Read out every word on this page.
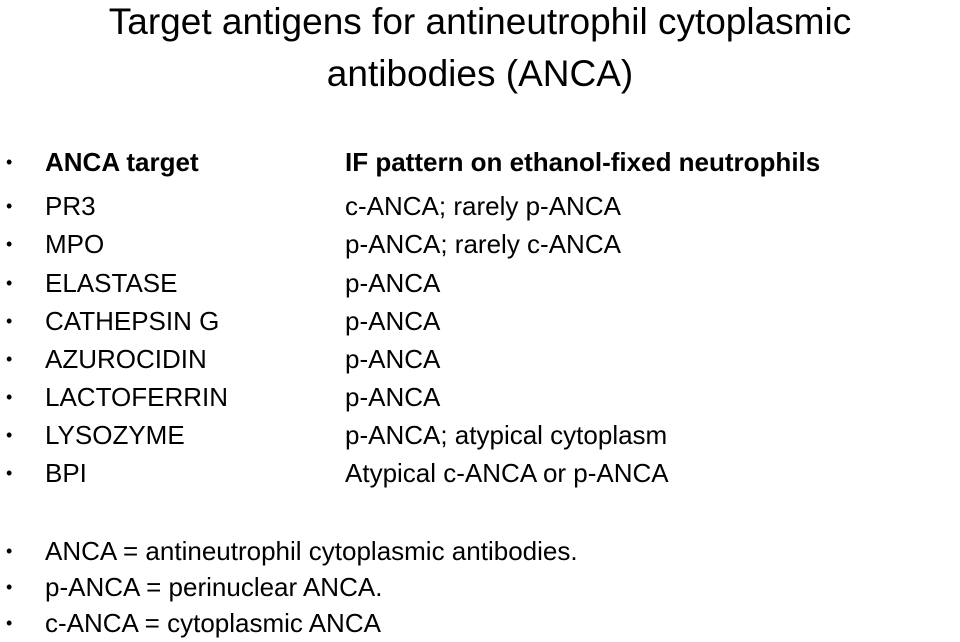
Target antigens for antineutrophil cytoplasmic
antibodies (ANCA)
• ANCA target	IF pattern on ethanol-fixed neutrophils
• PR3	c-ANCA; rarely p-ANCA
• MPO	p-ANCA; rarely c-ANCA
• ELASTASE	p-ANCA
• CATHEPSIN G	p-ANCA
• AZUROCIDIN	p-ANCA
• LACTOFERRIN	p-ANCA
• LYSOZYME	p-ANCA; atypical cytoplasm
• BPI	Atypical c-ANCA or p-ANCA
• ANCA = antineutrophil cytoplasmic antibodies.
• p-ANCA = perinuclear ANCA.
• c-ANCA = cytoplasmic ANCA
